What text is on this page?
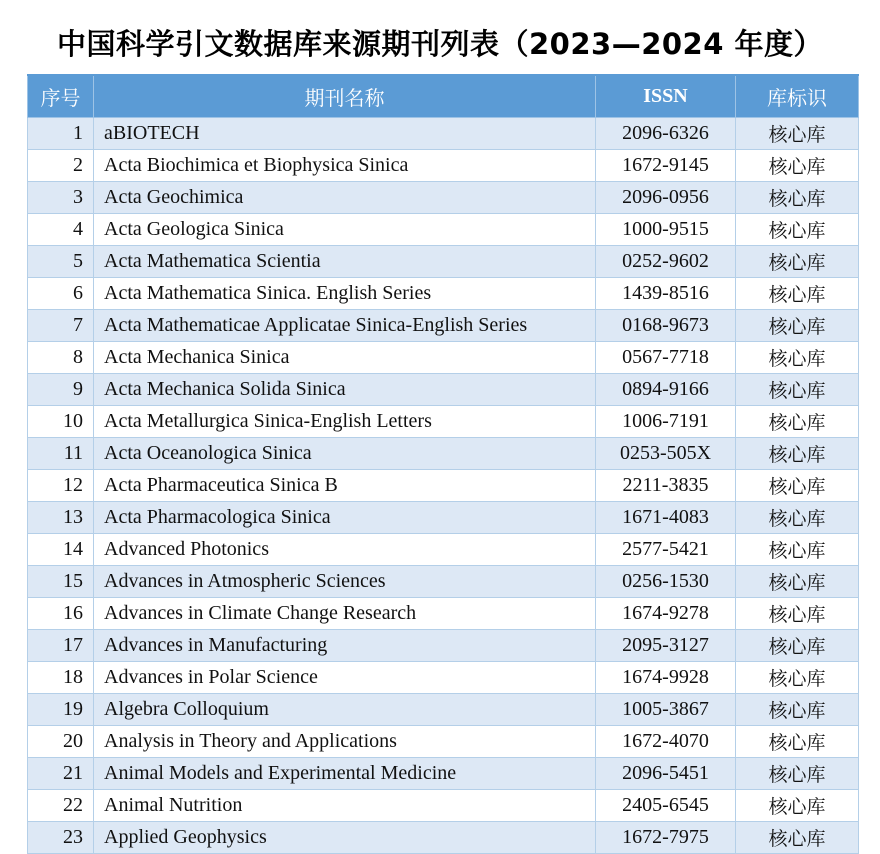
中国科学引文数据库来源期刊列表（2023—2024 年度）
序号	期刊名称	ISSN	库标识
1	aBIOTECH	2096-6326	核心库
2	Acta Biochimica et Biophysica Sinica	1672-9145	核心库
3	Acta Geochimica	2096-0956	核心库
4	Acta Geologica Sinica	1000-9515	核心库
5	Acta Mathematica Scientia	0252-9602	核心库
6	Acta Mathematica Sinica. English Series	1439-8516	核心库
7	Acta Mathematicae Applicatae Sinica-English Series	0168-9673	核心库
8	Acta Mechanica Sinica	0567-7718	核心库
9	Acta Mechanica Solida Sinica	0894-9166	核心库
10	Acta Metallurgica Sinica-English Letters	1006-7191	核心库
11	Acta Oceanologica Sinica	0253-505X	核心库
12	Acta Pharmaceutica Sinica B	2211-3835	核心库
13	Acta Pharmacologica Sinica	1671-4083	核心库
14	Advanced Photonics	2577-5421	核心库
15	Advances in Atmospheric Sciences	0256-1530	核心库
16	Advances in Climate Change Research	1674-9278	核心库
17	Advances in Manufacturing	2095-3127	核心库
18	Advances in Polar Science	1674-9928	核心库
19	Algebra Colloquium	1005-3867	核心库
20	Analysis in Theory and Applications	1672-4070	核心库
21	Animal Models and Experimental Medicine	2096-5451	核心库
22	Animal Nutrition	2405-6545	核心库
23	Applied Geophysics	1672-7975	核心库
